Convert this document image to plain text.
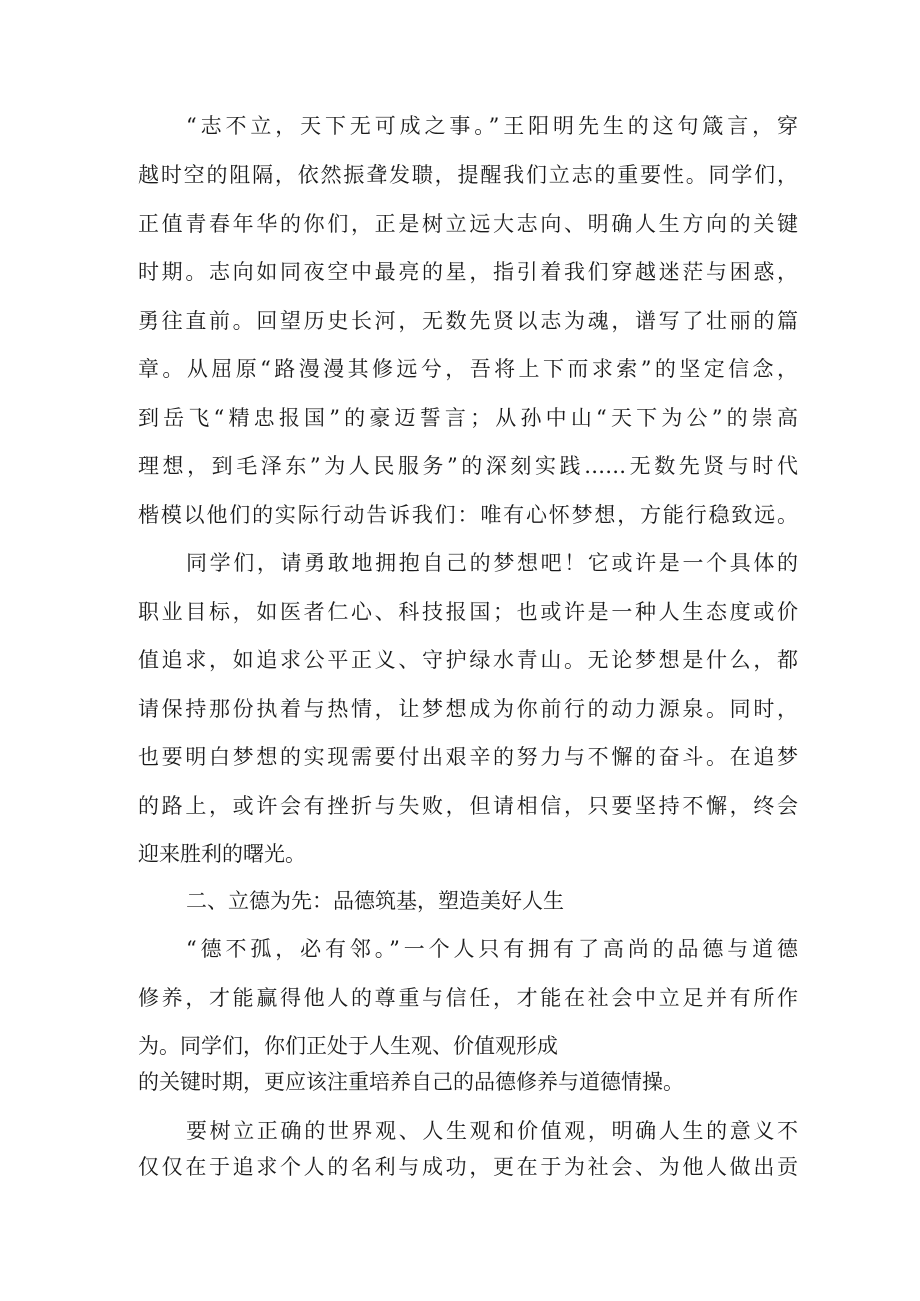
“志不立，天下无可成之事。”王阳明先生的这句箴言，穿
越时空的阻隔，依然振聋发聩，提醒我们立志的重要性。同学们，
正值青春年华的你们，正是树立远大志向、明确人生方向的关键
时期。志向如同夜空中最亮的星，指引着我们穿越迷茫与困惑，
勇往直前。回望历史长河，无数先贤以志为魂，谱写了壮丽的篇
章。从屈原“路漫漫其修远兮，吾将上下而求索”的坚定信念，
到岳飞“精忠报国”的豪迈誓言；从孙中山“天下为公”的崇高
理想，到毛泽东”为人民服务”的深刻实践……无数先贤与时代
楷模以他们的实际行动告诉我们：唯有心怀梦想，方能行稳致远。
同学们，请勇敢地拥抱自己的梦想吧！它或许是一个具体的
职业目标，如医者仁心、科技报国；也或许是一种人生态度或价
值追求，如追求公平正义、守护绿水青山。无论梦想是什么，都
请保持那份执着与热情，让梦想成为你前行的动力源泉。同时，
也要明白梦想的实现需要付出艰辛的努力与不懈的奋斗。在追梦
的路上，或许会有挫折与失败，但请相信，只要坚持不懈，终会
迎来胜利的曙光。
二、立德为先：品德筑基，塑造美好人生
“德不孤，必有邻。”一个人只有拥有了高尚的品德与道德
修养，才能赢得他人的尊重与信任，才能在社会中立足并有所作
为。同学们，你们正处于人生观、价值观形成
的关键时期，更应该注重培养自己的品德修养与道德情操。
要树立正确的世界观、人生观和价值观，明确人生的意义不
仅仅在于追求个人的名利与成功，更在于为社会、为他人做出贡
